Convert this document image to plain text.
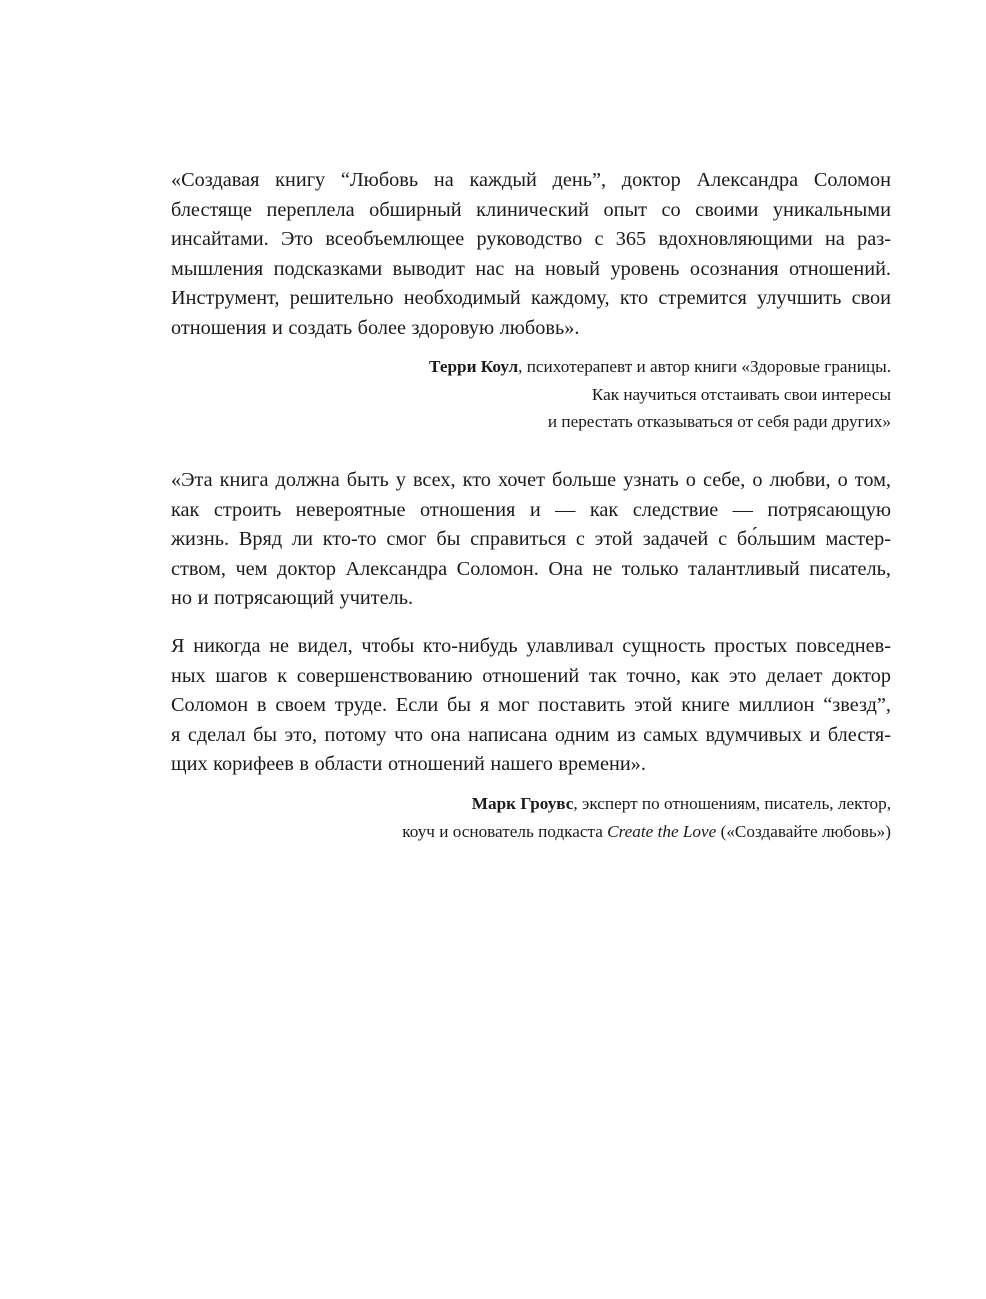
«Создавая книгу “Любовь на каждый день”, доктор Александра Соломон
блестяще переплела обширный клинический опыт со своими уникальными
инсайтами. Это всеобъемлющее руководство с 365 вдохновляющими на раз-
мышления подсказками выводит нас на новый уровень осознания отношений.
Инструмент, решительно необходимый каждому, кто стремится улучшить свои
отношения и создать более здоровую любовь».

Терри Коул, психотерапевт и автор книги «Здоровые границы.
Как научиться отстаивать свои интересы
и перестать отказываться от себя ради других»

«Эта книга должна быть у всех, кто хочет больше узнать о себе, о любви, о том,
как строить невероятные отношения и — как следствие — потрясающую
жизнь. Вряд ли кто-то смог бы справиться с этой задачей с бо́льшим мастер-
ством, чем доктор Александра Соломон. Она не только талантливый писатель,
но и потрясающий учитель.

Я никогда не видел, чтобы кто-нибудь улавливал сущность простых повседнев-
ных шагов к совершенствованию отношений так точно, как это делает доктор
Соломон в своем труде. Если бы я мог поставить этой книге миллион “звезд”,
я сделал бы это, потому что она написана одним из самых вдумчивых и блестя-
щих корифеев в области отношений нашего времени».

Марк Гроувс, эксперт по отношениям, писатель, лектор,
коуч и основатель подкаста Create the Love («Создавайте любовь»)
